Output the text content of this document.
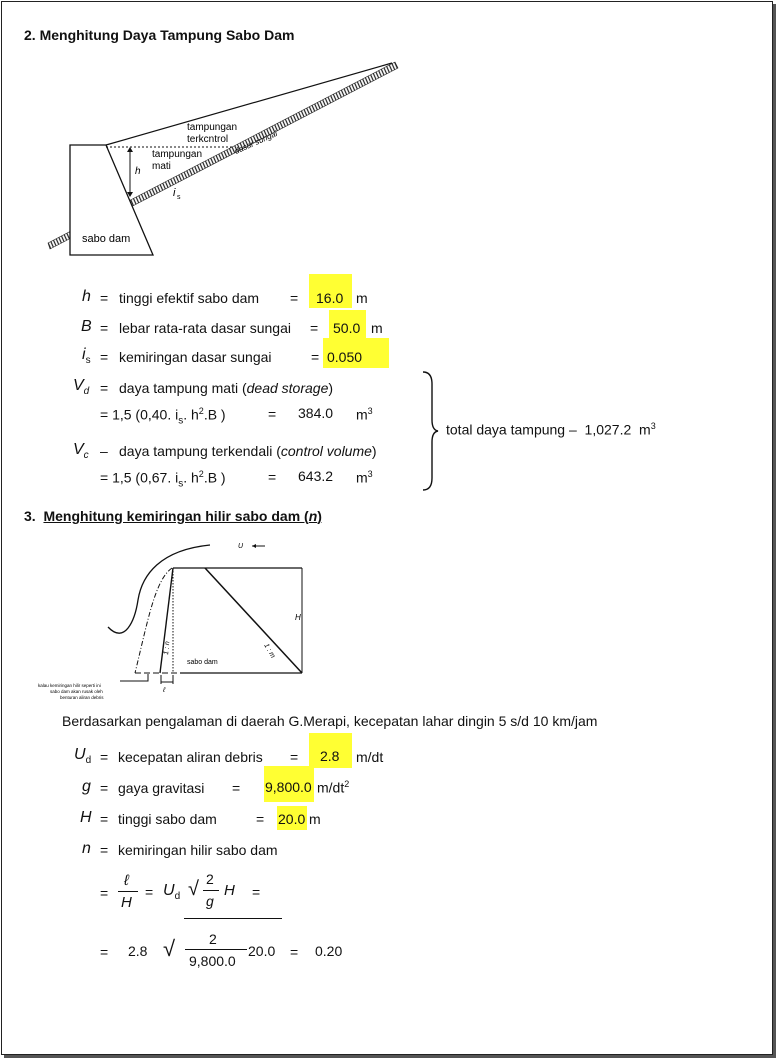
2. Menghitung Daya Tampung Sabo Dam
tampungan
terkcntrol
tampungan
mati
dasar sungai
h
i s
sabo dam
h = tinggi efektif sabo dam = 16.0 m
B = lebar rata-rata dasar sungai = 50.0 m
$i_s$ = kemiringan dasar sungai	= 0.050
$V_d$ = daya tampung mati (dead storage)
= 1,5 (0,40. $i_s$. $h^2.B$ )	= 384.0 $m^3$
$V_c$ – daya tampung terkendali (control volume)
= 1,5 (0,67. $i_s$. $h^2.B$ )	= 643.2 $m^3$
total daya tampung – 1,027.2 $m^3$
3. Menghitung kemiringan hilir sabo dam (n)
U
H
1 : m
1 : n
sabo dam
ℓ
kalau kemiringan hilir seperti ini
sabo dam akan rusak oleh
benturan aliran debris
Berdasarkan pengalaman di daerah G.Merapi, kecepatan lahar dingin 5 s/d 10 km/jam
$U_d$ = kecepatan aliran debris = 2.8 m/dt
g = gaya gravitasi = 9,800.0 $m/dt^2$
H = tinggi sabo dam	= 20.0 m
n = kemiringan hilir sabo dam
=
ℓ
H
= $U_d$ √ 2
g
H =
= 2.8 √ 2
9,800.0
20.0 = 0.20
